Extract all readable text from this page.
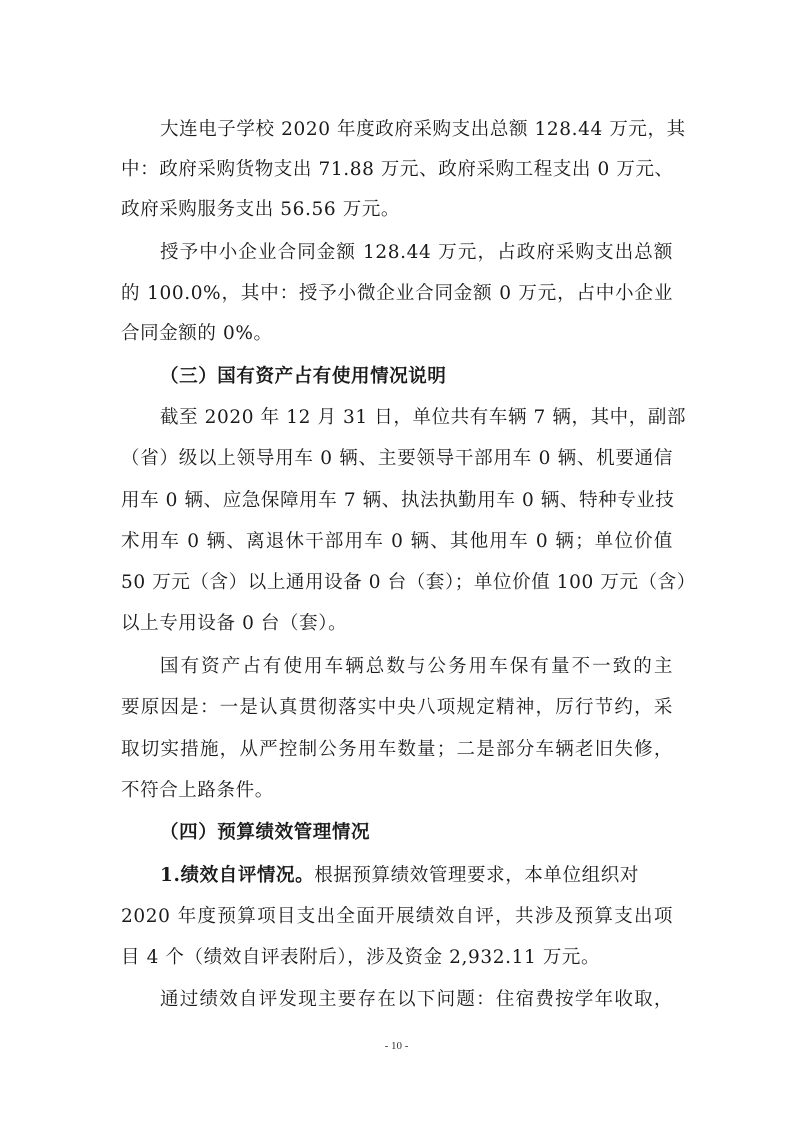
大连电子学校 2020 年度政府采购支出总额 128.44 万元，其
中：政府采购货物支出 71.88 万元、政府采购工程支出 0 万元、
政府采购服务支出 56.56 万元。
授予中小企业合同金额 128.44 万元，占政府采购支出总额
的 100.0%，其中：授予小微企业合同金额 0 万元，占中小企业
合同金额的 0%。
（三）国有资产占有使用情况说明
截至 2020 年 12 月 31 日，单位共有车辆 7 辆，其中，副部
（省）级以上领导用车 0 辆、主要领导干部用车 0 辆、机要通信
用车 0 辆、应急保障用车 7 辆、执法执勤用车 0 辆、特种专业技
术用车 0 辆、离退休干部用车 0 辆、其他用车 0 辆；单位价值
50 万元（含）以上通用设备 0 台（套）；单位价值 100 万元（含）
以上专用设备 0 台（套）。
国有资产占有使用车辆总数与公务用车保有量不一致的主
要原因是：一是认真贯彻落实中央八项规定精神，厉行节约，采
取切实措施，从严控制公务用车数量；二是部分车辆老旧失修，
不符合上路条件。
（四）预算绩效管理情况
1.绩效自评情况。根据预算绩效管理要求，本单位组织对
2020 年度预算项目支出全面开展绩效自评，共涉及预算支出项
目 4 个（绩效自评表附后），涉及资金 2,932.11 万元。
通过绩效自评发现主要存在以下问题：住宿费按学年收取，
- 10 -
